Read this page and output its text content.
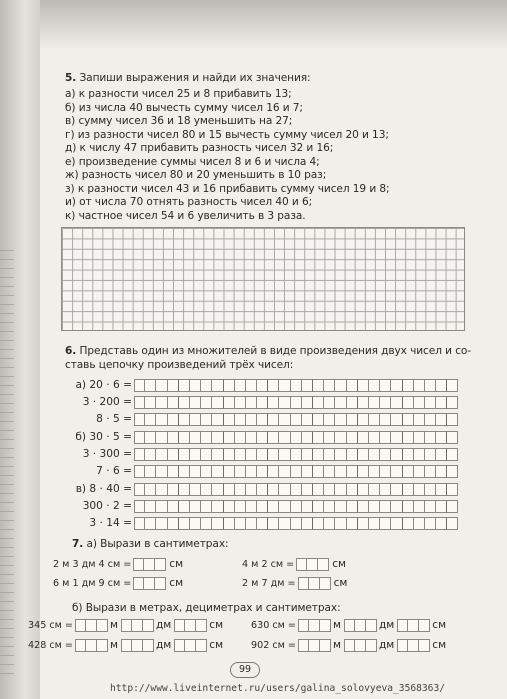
5. Запиши выражения и найди их значения:
а) к разности чисел 25 и 8 прибавить 13;
б) из числа 40 вычесть сумму чисел 16 и 7;
в) сумму чисел 36 и 18 уменьшить на 27;
г) из разности чисел 80 и 15 вычесть сумму чисел 20 и 13;
д) к числу 47 прибавить разность чисел 32 и 16;
е) произведение суммы чисел 8 и 6 и числа 4;
ж) разность чисел 80 и 20 уменьшить в 10 раз;
з) к разности чисел 43 и 16 прибавить сумму чисел 19 и 8;
и) от числа 70 отнять разность чисел 40 и 6;
к) частное чисел 54 и 6 увеличить в 3 раза.
6. Представь один из множителей в виде произведения двух чисел и со-
ставь цепочку произведений трёх чисел:
а) 20 · 6 =
3 · 200 =
8 · 5 =
б) 30 · 5 =
3 · 300 =
7 · 6 =
в) 8 · 40 =
300 · 2 =
3 · 14 =
7. а) Вырази в сантиметрах:
2 м 3 дм 4 см =	см	4 м 2 см =	см
6 м 1 дм 9 см =	см	2 м 7 дм =	см
б) Вырази в метрах, дециметрах и сантиметрах:
345 см =	м	дм	см	630 см =	м	дм	см
428 см =	м	дм	см	902 см =	м	дм	см
99
http://www.liveinternet.ru/users/galina_solovyeva_3568363/
